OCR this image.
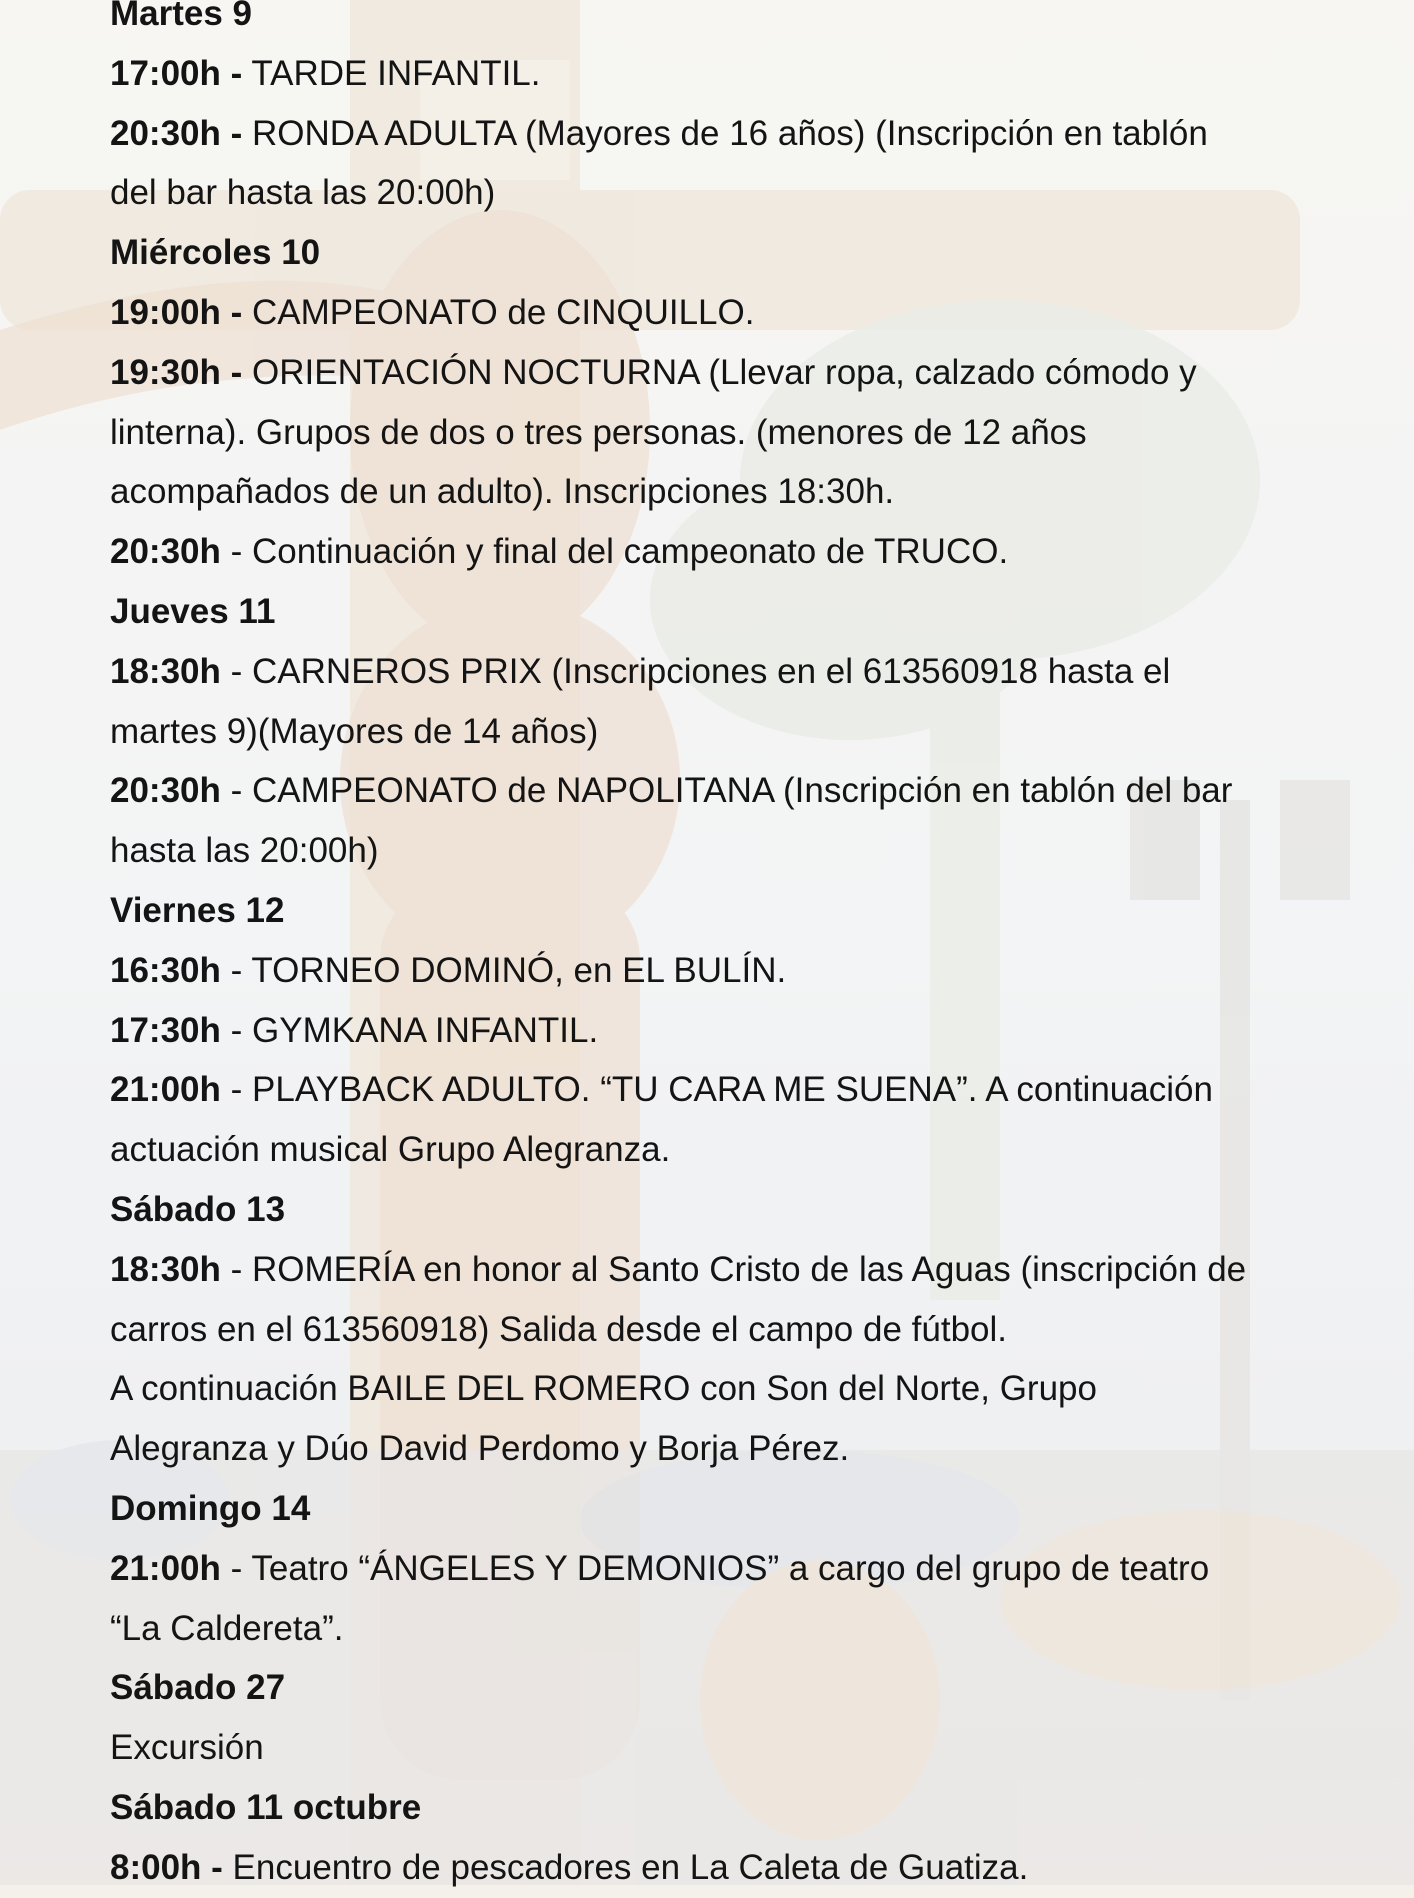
Martes 9
17:00h - TARDE INFANTIL.
20:30h - RONDA ADULTA (Mayores de 16 años) (Inscripción en tablón
del bar hasta las 20:00h)
Miércoles 10
19:00h - CAMPEONATO de CINQUILLO.
19:30h - ORIENTACIÓN NOCTURNA (Llevar ropa, calzado cómodo y
linterna). Grupos de dos o tres personas. (menores de 12 años
acompañados de un adulto). Inscripciones 18:30h.
20:30h - Continuación y final del campeonato de TRUCO.
Jueves 11
18:30h - CARNEROS PRIX (Inscripciones en el 613560918 hasta el
martes 9)(Mayores de 14 años)
20:30h - CAMPEONATO de NAPOLITANA (Inscripción en tablón del bar
hasta las 20:00h)
Viernes 12
16:30h - TORNEO DOMINÓ, en EL BULÍN.
17:30h - GYMKANA INFANTIL.
21:00h - PLAYBACK ADULTO. “TU CARA ME SUENA”. A continuación
actuación musical Grupo Alegranza.
Sábado 13
18:30h - ROMERÍA en honor al Santo Cristo de las Aguas (inscripción de
carros en el 613560918) Salida desde el campo de fútbol.
A continuación BAILE DEL ROMERO con Son del Norte, Grupo
Alegranza y Dúo David Perdomo y Borja Pérez.
Domingo 14
21:00h - Teatro “ÁNGELES Y DEMONIOS” a cargo del grupo de teatro
“La Caldereta”.
Sábado 27
Excursión
Sábado 11 octubre
8:00h - Encuentro de pescadores en La Caleta de Guatiza.
